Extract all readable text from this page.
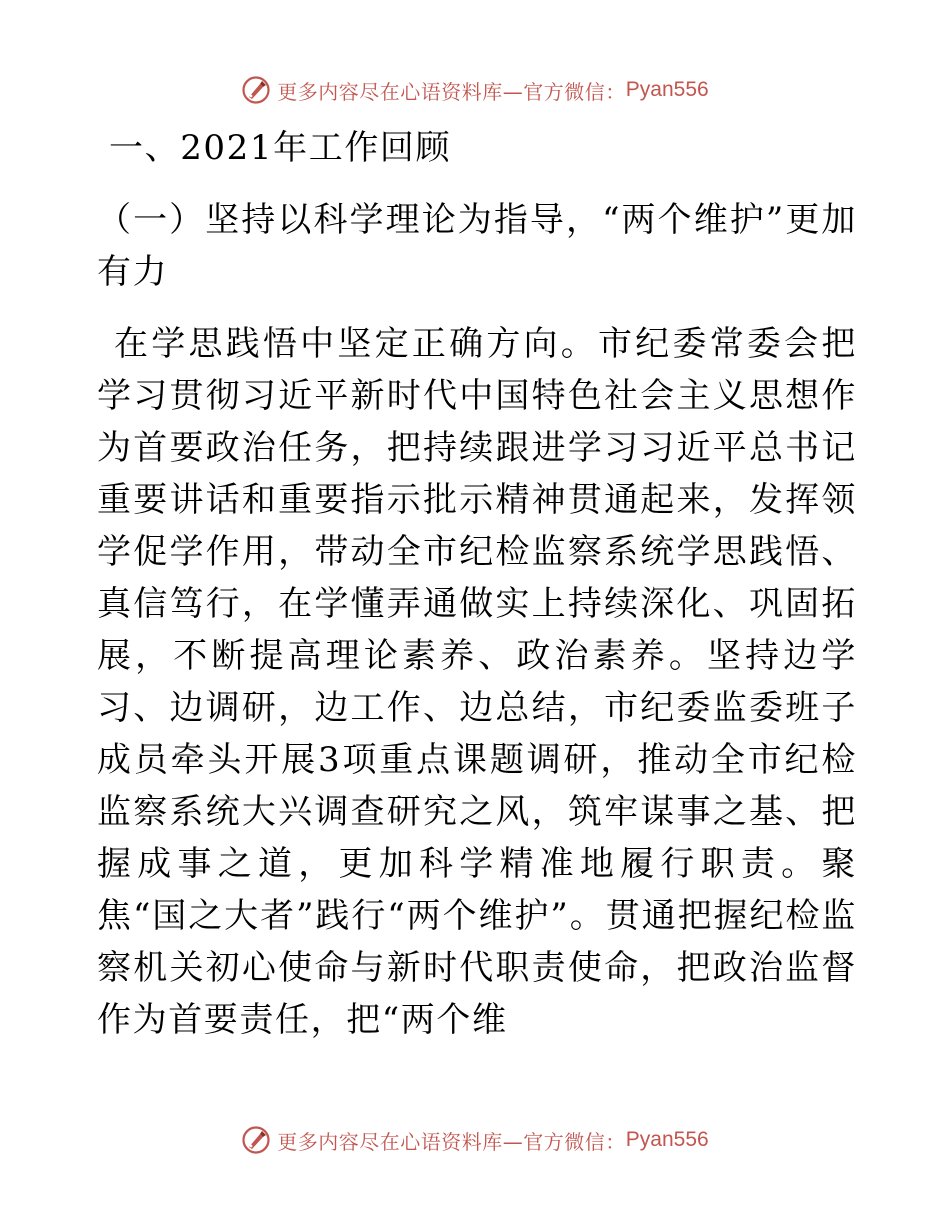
更多内容尽在心语资料库—官方微信： Pyan556

一、2021年工作回顾

（一）坚持以科学理论为指导，“两个维护”更加有力

在学思践悟中坚定正确方向。市纪委常委会把学习贯彻习近平新时代中国特色社会主义思想作为首要政治任务，把持续跟进学习习近平总书记重要讲话和重要指示批示精神贯通起来，发挥领学促学作用，带动全市纪检监察系统学思践悟、真信笃行，在学懂弄通做实上持续深化、巩固拓展，不断提高理论素养、政治素养。坚持边学习、边调研，边工作、边总结，市纪委监委班子成员牵头开展3项重点课题调研，推动全市纪检监察系统大兴调查研究之风，筑牢谋事之基、把握成事之道，更加科学精准地履行职责。聚焦“国之大者”践行“两个维护”。贯通把握纪检监察机关初心使命与新时代职责使命，把政治监督作为首要责任，把“两个维

更多内容尽在心语资料库—官方微信： Pyan556
